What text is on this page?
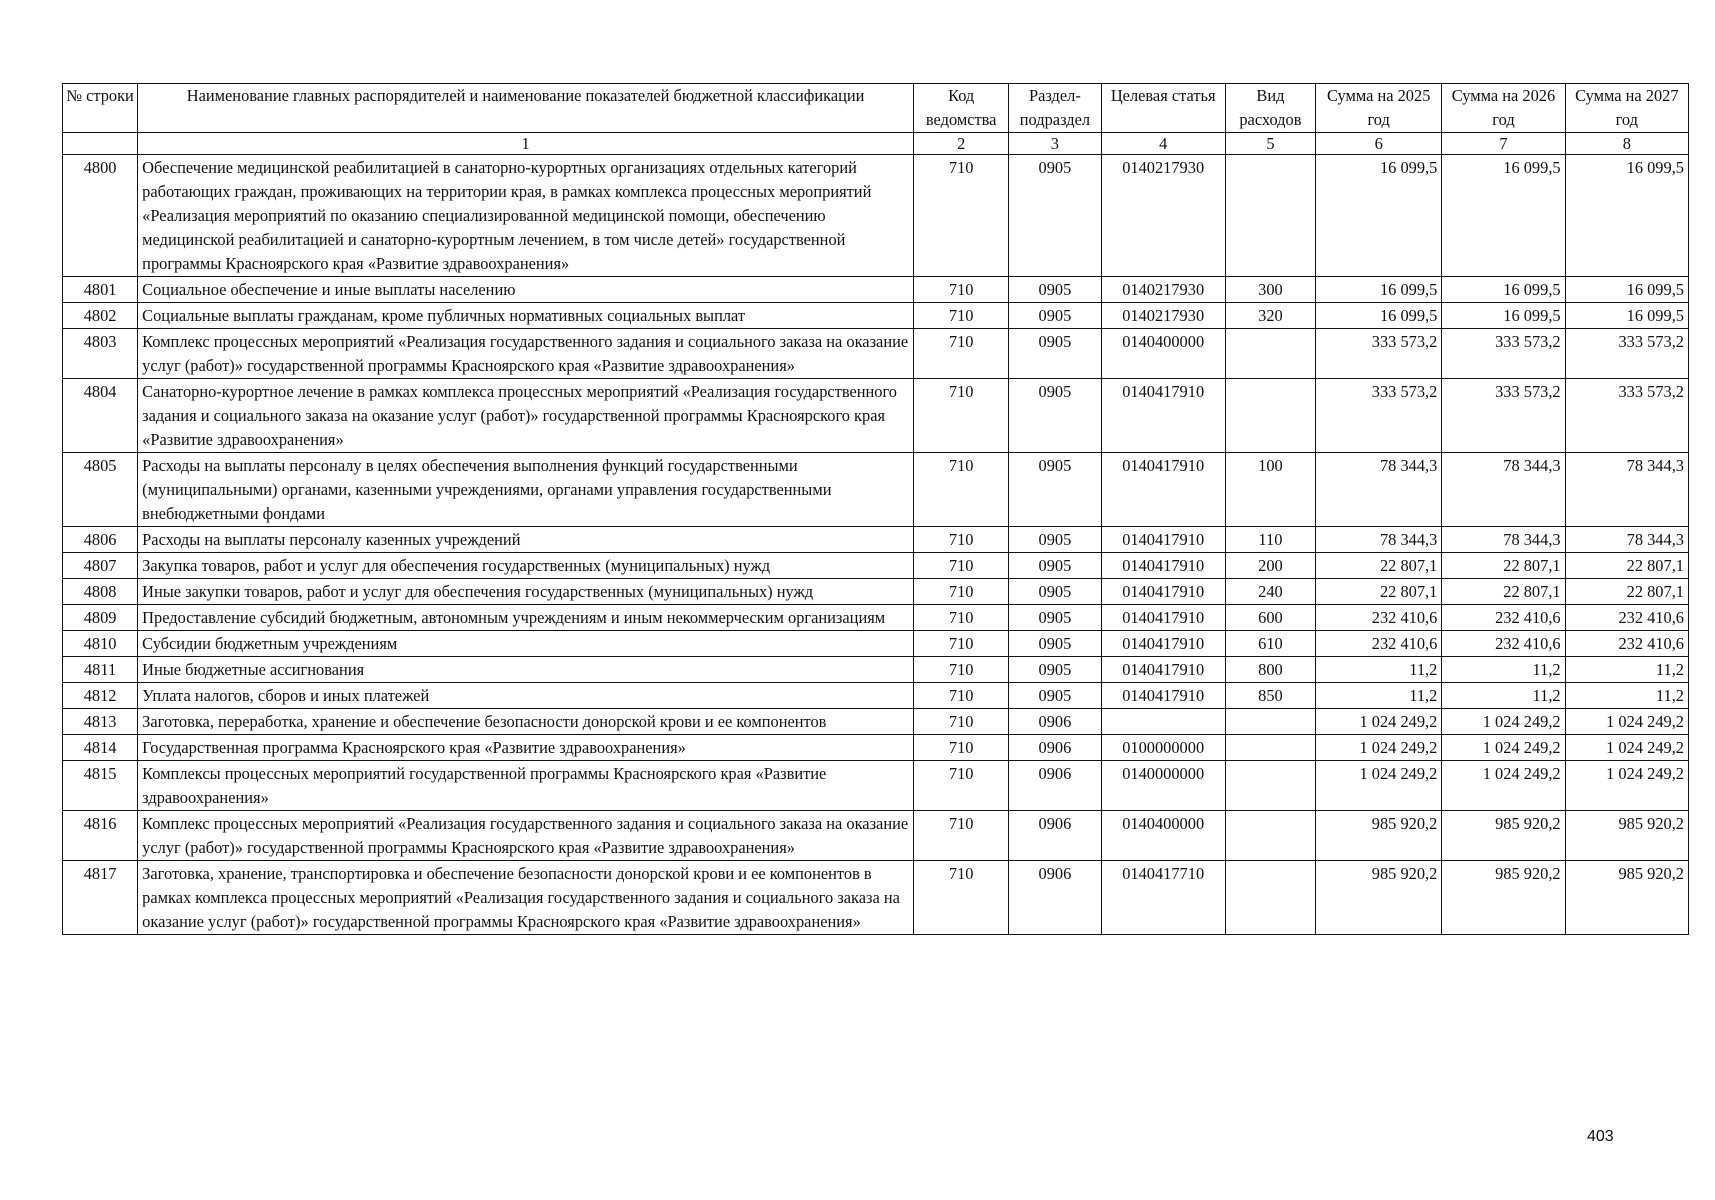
№ строки	Наименование главных распорядителей и наименование показателей бюджетной классификации	Код ведомства	Раздел-подраздел	Целевая статья	Вид расходов	Сумма на 2025 год	Сумма на 2026 год	Сумма на 2027 год
	1	2	3	4	5	6	7	8
4800	Обеспечение медицинской реабилитацией в санаторно-курортных организациях отдельных категорий работающих граждан, проживающих на территории края, в рамках комплекса процессных мероприятий «Реализация мероприятий по оказанию специализированной медицинской помощи, обеспечению медицинской реабилитацией и санаторно-курортным лечением, в том числе детей» государственной программы Красноярского края «Развитие здравоохранения»	710	0905	0140217930		16 099,5	16 099,5	16 099,5
4801	Социальное обеспечение и иные выплаты населению	710	0905	0140217930	300	16 099,5	16 099,5	16 099,5
4802	Социальные выплаты гражданам, кроме публичных нормативных социальных выплат	710	0905	0140217930	320	16 099,5	16 099,5	16 099,5
4803	Комплекс процессных мероприятий «Реализация государственного задания и социального заказа на оказание услуг (работ)» государственной программы Красноярского края «Развитие здравоохранения»	710	0905	0140400000		333 573,2	333 573,2	333 573,2
4804	Санаторно-курортное лечение в рамках комплекса процессных мероприятий «Реализация государственного задания и социального заказа на оказание услуг (работ)» государственной программы Красноярского края «Развитие здравоохранения»	710	0905	0140417910		333 573,2	333 573,2	333 573,2
4805	Расходы на выплаты персоналу в целях обеспечения выполнения функций государственными (муниципальными) органами, казенными учреждениями, органами управления государственными внебюджетными фондами	710	0905	0140417910	100	78 344,3	78 344,3	78 344,3
4806	Расходы на выплаты персоналу казенных учреждений	710	0905	0140417910	110	78 344,3	78 344,3	78 344,3
4807	Закупка товаров, работ и услуг для обеспечения государственных (муниципальных) нужд	710	0905	0140417910	200	22 807,1	22 807,1	22 807,1
4808	Иные закупки товаров, работ и услуг для обеспечения государственных (муниципальных) нужд	710	0905	0140417910	240	22 807,1	22 807,1	22 807,1
4809	Предоставление субсидий бюджетным, автономным учреждениям и иным некоммерческим организациям	710	0905	0140417910	600	232 410,6	232 410,6	232 410,6
4810	Субсидии бюджетным учреждениям	710	0905	0140417910	610	232 410,6	232 410,6	232 410,6
4811	Иные бюджетные ассигнования	710	0905	0140417910	800	11,2	11,2	11,2
4812	Уплата налогов, сборов и иных платежей	710	0905	0140417910	850	11,2	11,2	11,2
4813	Заготовка, переработка, хранение и обеспечение безопасности донорской крови и ее компонентов	710	0906			1 024 249,2	1 024 249,2	1 024 249,2
4814	Государственная программа Красноярского края «Развитие здравоохранения»	710	0906	0100000000		1 024 249,2	1 024 249,2	1 024 249,2
4815	Комплексы процессных мероприятий государственной программы Красноярского края «Развитие здравоохранения»	710	0906	0140000000		1 024 249,2	1 024 249,2	1 024 249,2
4816	Комплекс процессных мероприятий «Реализация государственного задания и социального заказа на оказание услуг (работ)» государственной программы Красноярского края «Развитие здравоохранения»	710	0906	0140400000		985 920,2	985 920,2	985 920,2
4817	Заготовка, хранение, транспортировка и обеспечение безопасности донорской крови и ее компонентов в рамках комплекса процессных мероприятий «Реализация государственного задания и социального заказа на оказание услуг (работ)» государственной программы Красноярского края «Развитие здравоохранения»	710	0906	0140417710		985 920,2	985 920,2	985 920,2
403
